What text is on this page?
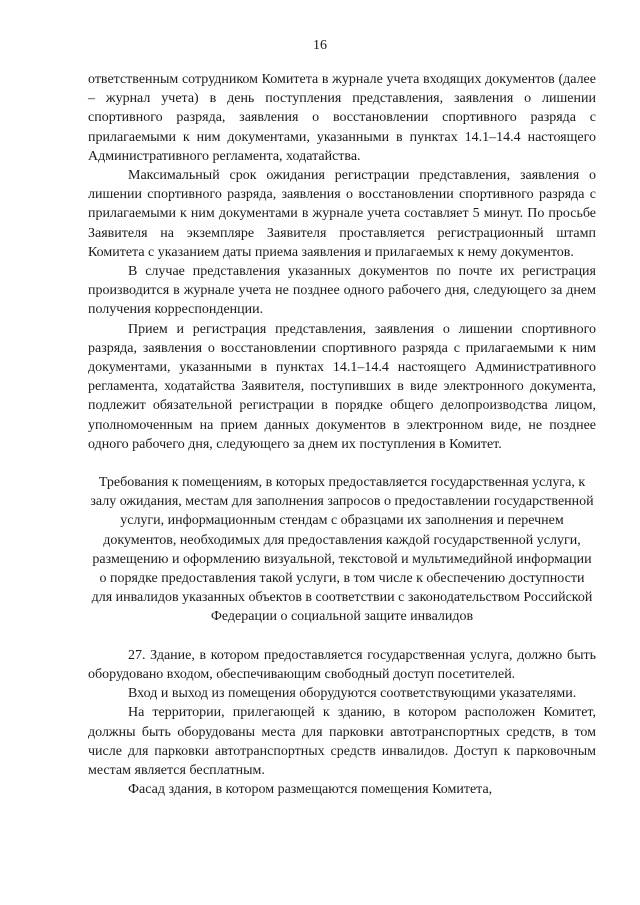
16

ответственным сотрудником Комитета в журнале учета входящих документов (далее – журнал учета) в день поступления представления, заявления о лишении спортивного разряда, заявления о восстановлении спортивного разряда с прилагаемыми к ним документами, указанными в пунктах 14.1–14.4 настоящего Административного регламента, ходатайства.

Максимальный срок ожидания регистрации представления, заявления о лишении спортивного разряда, заявления о восстановлении спортивного разряда с прилагаемыми к ним документами в журнале учета составляет 5 минут. По просьбе Заявителя на экземпляре Заявителя проставляется регистрационный штамп Комитета с указанием даты приема заявления и прилагаемых к нему документов.

В случае представления указанных документов по почте их регистрация производится в журнале учета не позднее одного рабочего дня, следующего за днем получения корреспонденции.

Прием и регистрация представления, заявления о лишении спортивного разряда, заявления о восстановлении спортивного разряда с прилагаемыми к ним документами, указанными в пунктах 14.1–14.4 настоящего Административного регламента, ходатайства Заявителя, поступивших в виде электронного документа, подлежит обязательной регистрации в порядке общего делопроизводства лицом, уполномоченным на прием данных документов в электронном виде, не позднее одного рабочего дня, следующего за днем их поступления в Комитет.

Требования к помещениям, в которых предоставляется государственная услуга, к залу ожидания, местам для заполнения запросов о предоставлении государственной услуги, информационным стендам с образцами их заполнения и перечнем документов, необходимых для предоставления каждой государственной услуги, размещению и оформлению визуальной, текстовой и мультимедийной информации о порядке предоставления такой услуги, в том числе к обеспечению доступности для инвалидов указанных объектов в соответствии с законодательством Российской Федерации о социальной защите инвалидов

27. Здание, в котором предоставляется государственная услуга, должно быть оборудовано входом, обеспечивающим свободный доступ посетителей.

Вход и выход из помещения оборудуются соответствующими указателями.

На территории, прилегающей к зданию, в котором расположен Комитет, должны быть оборудованы места для парковки автотранспортных средств, в том числе для парковки автотранспортных средств инвалидов. Доступ к парковочным местам является бесплатным.

Фасад здания, в котором размещаются помещения Комитета,
